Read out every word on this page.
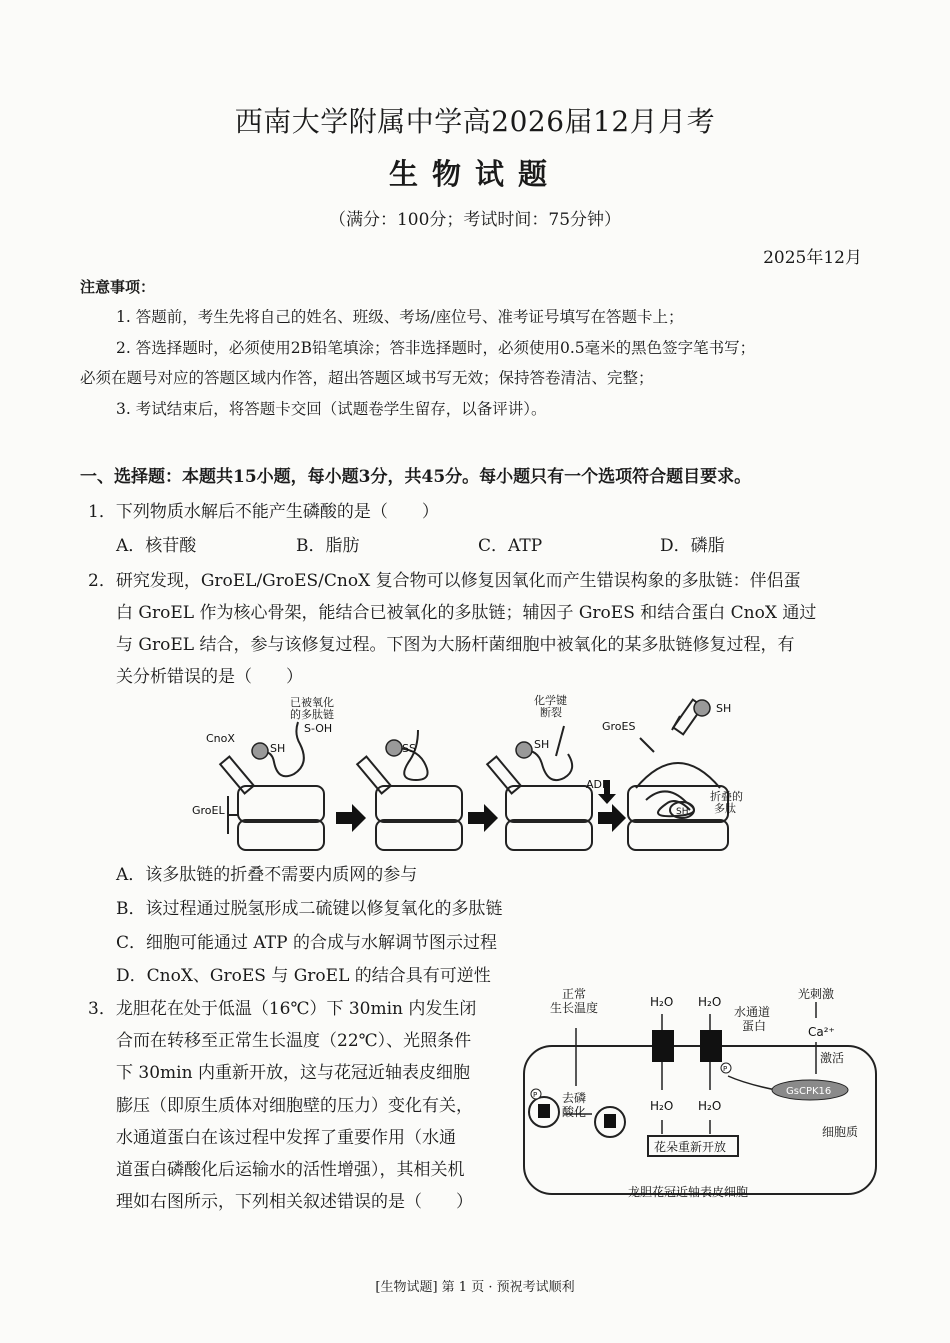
西南大学附属中学高2026届12月月考
生物试题
（满分：100分；考试时间：75分钟）
2025年12月
注意事项：
1. 答题前，考生先将自己的姓名、班级、考场/座位号、准考证号填写在答题卡上；
2. 答选择题时，必须使用2B铅笔填涂；答非选择题时，必须使用0.5毫米的黑色签字笔书写；
必须在题号对应的答题区域内作答，超出答题区域书写无效；保持答卷清洁、完整；
3. 考试结束后，将答题卡交回（试题卷学生留存，以备评讲）。
一、选择题：本题共15小题，每小题3分，共45分。每小题只有一个选项符合题目要求。
1．下列物质水解后不能产生磷酸的是（　　）
A．核苷酸	B．脂肪	C．ATP	D．磷脂
2．研究发现，GroEL/GroES/CnoX 复合物可以修复因氧化而产生错误构象的多肽链：伴侣蛋
白 GroEL 作为核心骨架，能结合已被氧化的多肽链；辅因子 GroES 和结合蛋白 CnoX 通过
与 GroEL 结合，参与该修复过程。下图为大肠杆菌细胞中被氧化的某多肽链修复过程，有
关分析错误的是（　　）
已被氧化
的多肽链
S-OH
CnoX
SH
GroEL
SS	SH
化学键
断裂
GroES
ADP
SH
SH
折叠的
多肽
A．该多肽链的折叠不需要内质网的参与
B．该过程通过脱氢形成二硫键以修复氧化的多肽链
C．细胞可能通过 ATP 的合成与水解调节图示过程
D．CnoX、GroES 与 GroEL 的结合具有可逆性
3．龙胆花在处于低温（16℃）下 30min 内发生闭
合而在转移至正常生长温度（22℃）、光照条件
下 30min 内重新开放，这与花冠近轴表皮细胞
膨压（即原生质体对细胞壁的压力）变化有关，
水通道蛋白在该过程中发挥了重要作用（水通
道蛋白磷酸化后运输水的活性增强），其相关机
理如右图所示，下列相关叙述错误的是（　　）
正常
生长温度	H₂O H₂O
H₂O H₂O
水通道
蛋白
光刺激
Ca²⁺
激活
GsCPK16
去磷
酸化
细胞质
花朵重新开放
龙胆花冠近轴表皮细胞
P
P
[生物试题] 第 1 页 · 预祝考试顺利
